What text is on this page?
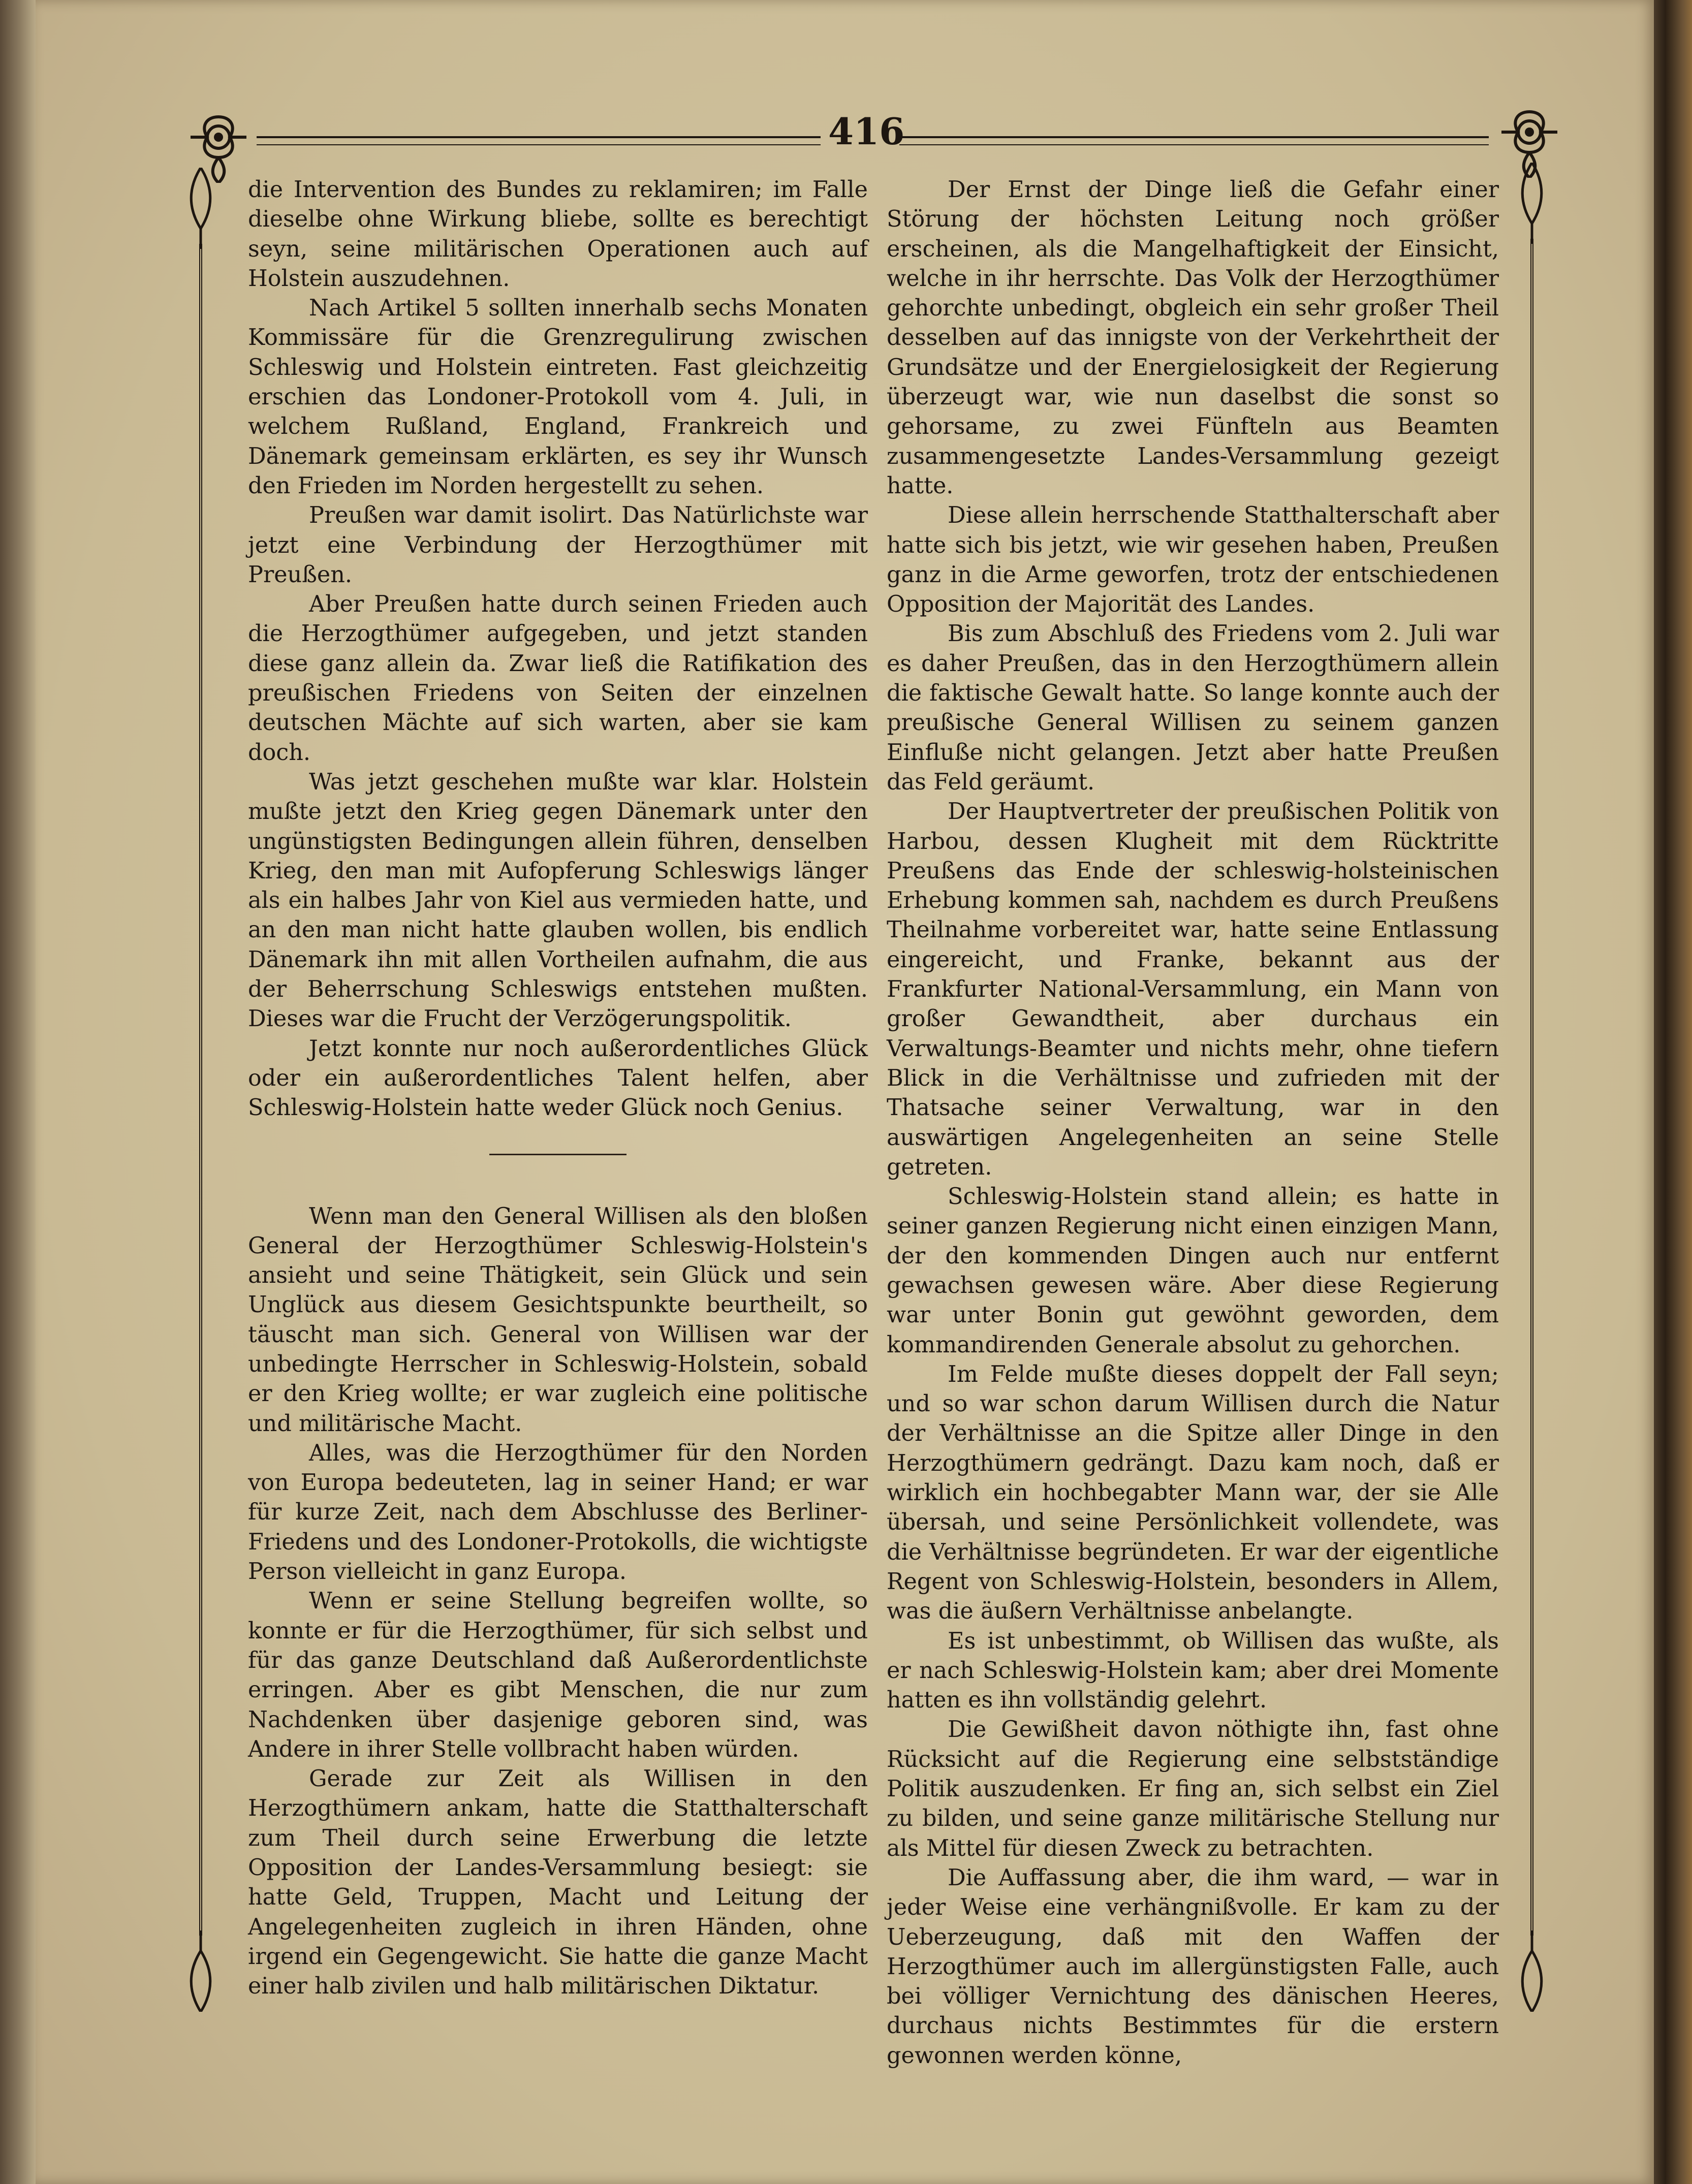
416

die Intervention des Bundes zu reklamiren; im Falle dieselbe ohne Wirkung bliebe, sollte es berechtigt seyn, seine militärischen Operationen auch auf Holstein auszudehnen.

Nach Artikel 5 sollten innerhalb sechs Monaten Kommissäre für die Grenzregulirung zwischen Schleswig und Holstein eintreten. Fast gleichzeitig erschien das Londoner-Protokoll vom 4. Juli, in welchem Rußland, England, Frankreich und Dänemark gemeinsam erklärten, es sey ihr Wunsch den Frieden im Norden hergestellt zu sehen.

Preußen war damit isolirt. Das Natürlichste war jetzt eine Verbindung der Herzogthümer mit Preußen.

Aber Preußen hatte durch seinen Frieden auch die Herzogthümer aufgegeben, und jetzt standen diese ganz allein da. Zwar ließ die Ratifikation des preußischen Friedens von Seiten der einzelnen deutschen Mächte auf sich warten, aber sie kam doch.

Was jetzt geschehen mußte war klar. Holstein mußte jetzt den Krieg gegen Dänemark unter den ungünstigsten Bedingungen allein führen, denselben Krieg, den man mit Aufopferung Schleswigs länger als ein halbes Jahr von Kiel aus vermieden hatte, und an den man nicht hatte glauben wollen, bis endlich Dänemark ihn mit allen Vortheilen aufnahm, die aus der Beherrschung Schleswigs entstehen mußten. Dieses war die Frucht der Verzögerungspolitik.

Jetzt konnte nur noch außerordentliches Glück oder ein außerordentliches Talent helfen, aber Schleswig-Holstein hatte weder Glück noch Genius.

Wenn man den General Willisen als den bloßen General der Herzogthümer Schleswig-Holstein's ansieht und seine Thätigkeit, sein Glück und sein Unglück aus diesem Gesichtspunkte beurtheilt, so täuscht man sich. General von Willisen war der unbedingte Herrscher in Schleswig-Holstein, sobald er den Krieg wollte; er war zugleich eine politische und militärische Macht.

Alles, was die Herzogthümer für den Norden von Europa bedeuteten, lag in seiner Hand; er war für kurze Zeit, nach dem Abschlusse des Berliner-Friedens und des Londoner-Protokolls, die wichtigste Person vielleicht in ganz Europa.

Wenn er seine Stellung begreifen wollte, so konnte er für die Herzogthümer, für sich selbst und für das ganze Deutschland daß Außerordentlichste erringen. Aber es gibt Menschen, die nur zum Nachdenken über dasjenige geboren sind, was Andere in ihrer Stelle vollbracht haben würden.

Gerade zur Zeit als Willisen in den Herzogthümern ankam, hatte die Statthalterschaft zum Theil durch seine Erwerbung die letzte Opposition der Landes-Versammlung besiegt: sie hatte Geld, Truppen, Macht und Leitung der Angelegenheiten zugleich in ihren Händen, ohne irgend ein Gegengewicht. Sie hatte die ganze Macht einer halb zivilen und halb militärischen Diktatur.

Der Ernst der Dinge ließ die Gefahr einer Störung der höchsten Leitung noch größer erscheinen, als die Mangelhaftigkeit der Einsicht, welche in ihr herrschte. Das Volk der Herzogthümer gehorchte unbedingt, obgleich ein sehr großer Theil desselben auf das innigste von der Verkehrtheit der Grundsätze und der Energielosigkeit der Regierung überzeugt war, wie nun daselbst die sonst so gehorsame, zu zwei Fünfteln aus Beamten zusammengesetzte Landes-Versammlung gezeigt hatte.

Diese allein herrschende Statthalterschaft aber hatte sich bis jetzt, wie wir gesehen haben, Preußen ganz in die Arme geworfen, trotz der entschiedenen Opposition der Majorität des Landes.

Bis zum Abschluß des Friedens vom 2. Juli war es daher Preußen, das in den Herzogthümern allein die faktische Gewalt hatte. So lange konnte auch der preußische General Willisen zu seinem ganzen Einfluße nicht gelangen. Jetzt aber hatte Preußen das Feld geräumt.

Der Hauptvertreter der preußischen Politik von Harbou, dessen Klugheit mit dem Rücktritte Preußens das Ende der schleswig-holsteinischen Erhebung kommen sah, nachdem es durch Preußens Theilnahme vorbereitet war, hatte seine Entlassung eingereicht, und Franke, bekannt aus der Frankfurter National-Versammlung, ein Mann von großer Gewandtheit, aber durchaus ein Verwaltungs-Beamter und nichts mehr, ohne tiefern Blick in die Verhältnisse und zufrieden mit der Thatsache seiner Verwaltung, war in den auswärtigen Angelegenheiten an seine Stelle getreten.

Schleswig-Holstein stand allein; es hatte in seiner ganzen Regierung nicht einen einzigen Mann, der den kommenden Dingen auch nur entfernt gewachsen gewesen wäre. Aber diese Regierung war unter Bonin gut gewöhnt geworden, dem kommandirenden Generale absolut zu gehorchen.

Im Felde mußte dieses doppelt der Fall seyn; und so war schon darum Willisen durch die Natur der Verhältnisse an die Spitze aller Dinge in den Herzogthümern gedrängt. Dazu kam noch, daß er wirklich ein hochbegabter Mann war, der sie Alle übersah, und seine Persönlichkeit vollendete, was die Verhältnisse begründeten. Er war der eigentliche Regent von Schleswig-Holstein, besonders in Allem, was die äußern Verhältnisse anbelangte.

Es ist unbestimmt, ob Willisen das wußte, als er nach Schleswig-Holstein kam; aber drei Momente hatten es ihn vollständig gelehrt.

Die Gewißheit davon nöthigte ihn, fast ohne Rücksicht auf die Regierung eine selbstständige Politik auszudenken. Er fing an, sich selbst ein Ziel zu bilden, und seine ganze militärische Stellung nur als Mittel für diesen Zweck zu betrachten.

Die Auffassung aber, die ihm ward, — war in jeder Weise eine verhängnißvolle. Er kam zu der Ueberzeugung, daß mit den Waffen der Herzogthümer auch im allergünstigsten Falle, auch bei völliger Vernichtung des dänischen Heeres, durchaus nichts Bestimmtes für die erstern gewonnen werden könne,
